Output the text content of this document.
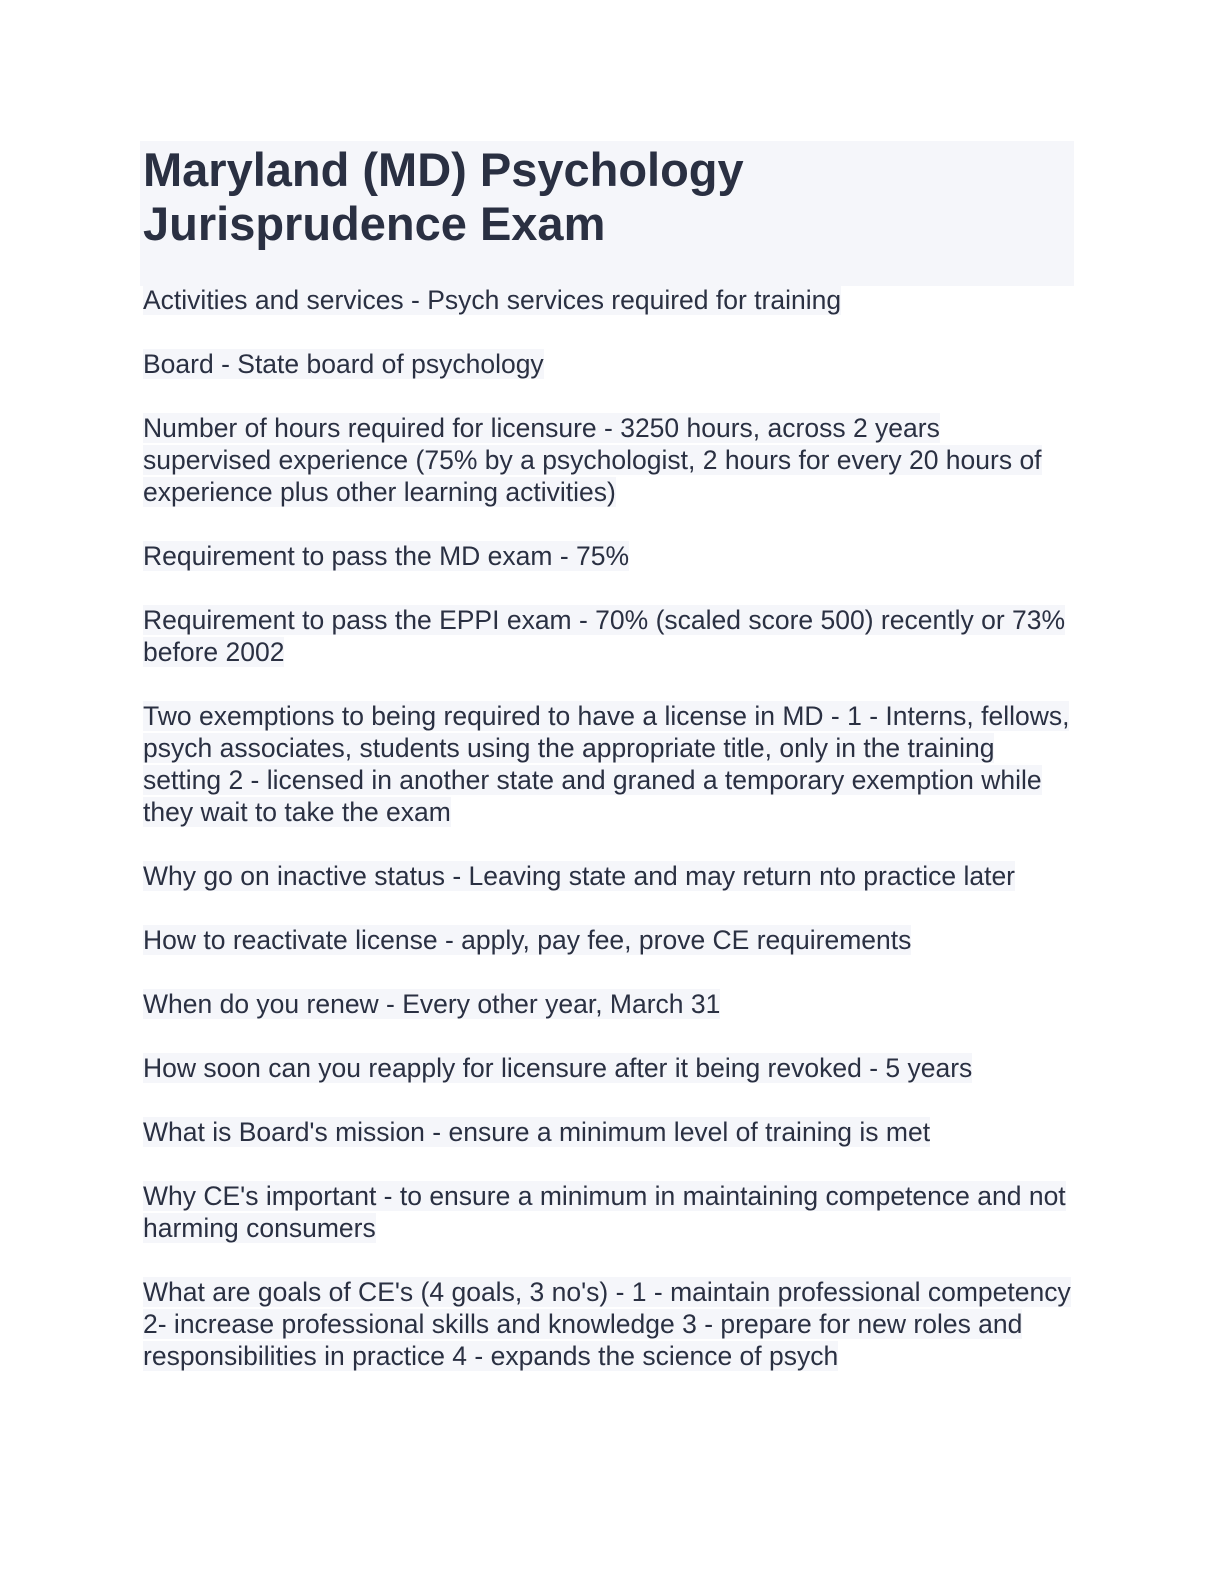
Maryland (MD) Psychology Jurisprudence Exam

Activities and services - Psych services required for training

Board - State board of psychology

Number of hours required for licensure - 3250 hours, across 2 years supervised experience (75% by a psychologist, 2 hours for every 20 hours of experience plus other learning activities)

Requirement to pass the MD exam - 75%

Requirement to pass the EPPI exam - 70% (scaled score 500) recently or 73% before 2002

Two exemptions to being required to have a license in MD - 1 - Interns, fellows, psych associates, students using the appropriate title, only in the training setting 2 - licensed in another state and graned a temporary exemption while they wait to take the exam

Why go on inactive status - Leaving state and may return nto practice later

How to reactivate license - apply, pay fee, prove CE requirements

When do you renew - Every other year, March 31

How soon can you reapply for licensure after it being revoked - 5 years

What is Board's mission - ensure a minimum level of training is met

Why CE's important - to ensure a minimum in maintaining competence and not harming consumers

What are goals of CE's (4 goals, 3 no's) - 1 - maintain professional competency 2- increase professional skills and knowledge 3 - prepare for new roles and responsibilities in practice 4 - expands the science of psych
